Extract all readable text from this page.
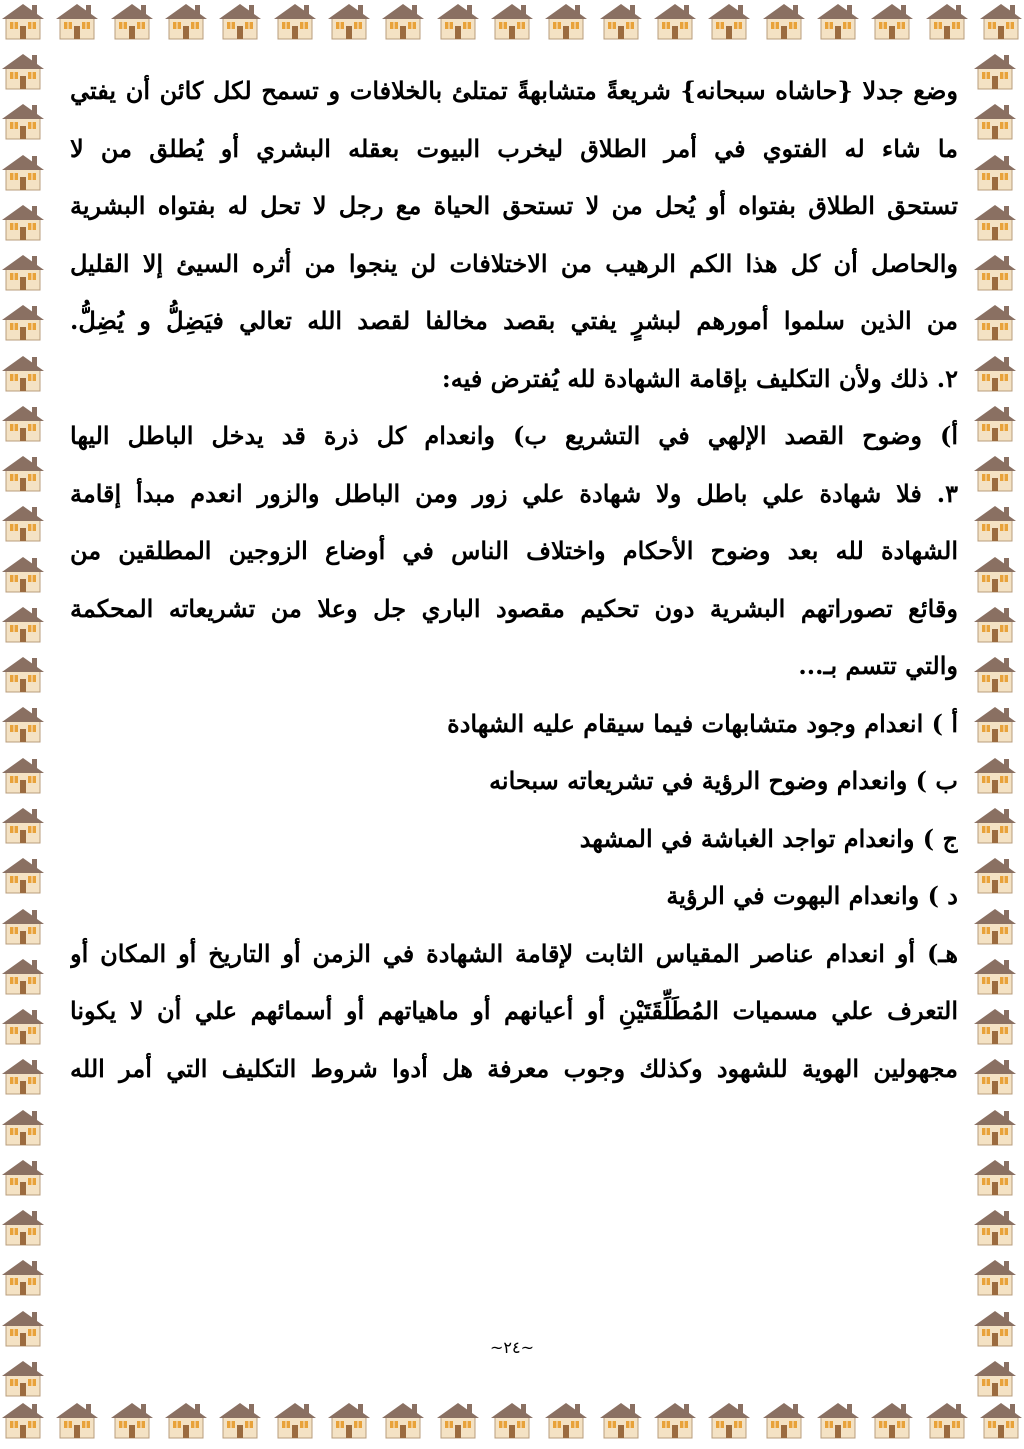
وضع جدلا {حاشاه سبحانه} شريعةً متشابهةً تمتلئ بالخلافات و تسمح لكل كائن أن يفتي
ما شاء له الفتوي في أمر الطلاق ليخرب البيوت بعقله البشري أو يُطلق من لا
تستحق الطلاق بفتواه أو يُحل من لا تستحق الحياة مع رجل لا تحل له بفتواه البشرية
والحاصل أن كل هذا الكم الرهيب من الاختلافات لن ينجوا من أثره السيئ إلا القليل
من الذين سلموا أمورهم لبشرٍ يفتي بقصد مخالفا لقصد الله تعالي فيَضِلُّ و يُضِلُّ.
٢. ذلك ولأن التكليف بإقامة الشهادة لله يُفترض فيه:
أ) وضوح القصد الإلهي في التشريع ب) وانعدام كل ذرة قد يدخل الباطل اليها
٣. فلا شهادة علي باطل ولا شهادة علي زور ومن الباطل والزور انعدم مبدأ إقامة
الشهادة لله بعد وضوح الأحكام واختلاف الناس في أوضاع الزوجين المطلقين من
وقائع تصوراتهم البشرية دون تحكيم مقصود الباري جل وعلا من تشريعاته المحكمة
والتي تتسم بـ...
أ ) انعدام وجود متشابهات فيما سيقام عليه الشهادة
ب ) وانعدام وضوح الرؤية في تشريعاته سبحانه
ج ) وانعدام تواجد الغباشة في المشهد
د ) وانعدام البهوت في الرؤية
هـ) أو انعدام عناصر المقياس الثابت لإقامة الشهادة في الزمن أو التاريخ أو المكان أو
التعرف علي مسميات المُطَلِّقَتَيْنِ أو أعيانهم أو ماهياتهم أو أسمائهم علي أن لا يكونا
مجهولين الهوية للشهود وكذلك وجوب معرفة هل أدوا شروط التكليف التي أمر الله
~٢٤~
